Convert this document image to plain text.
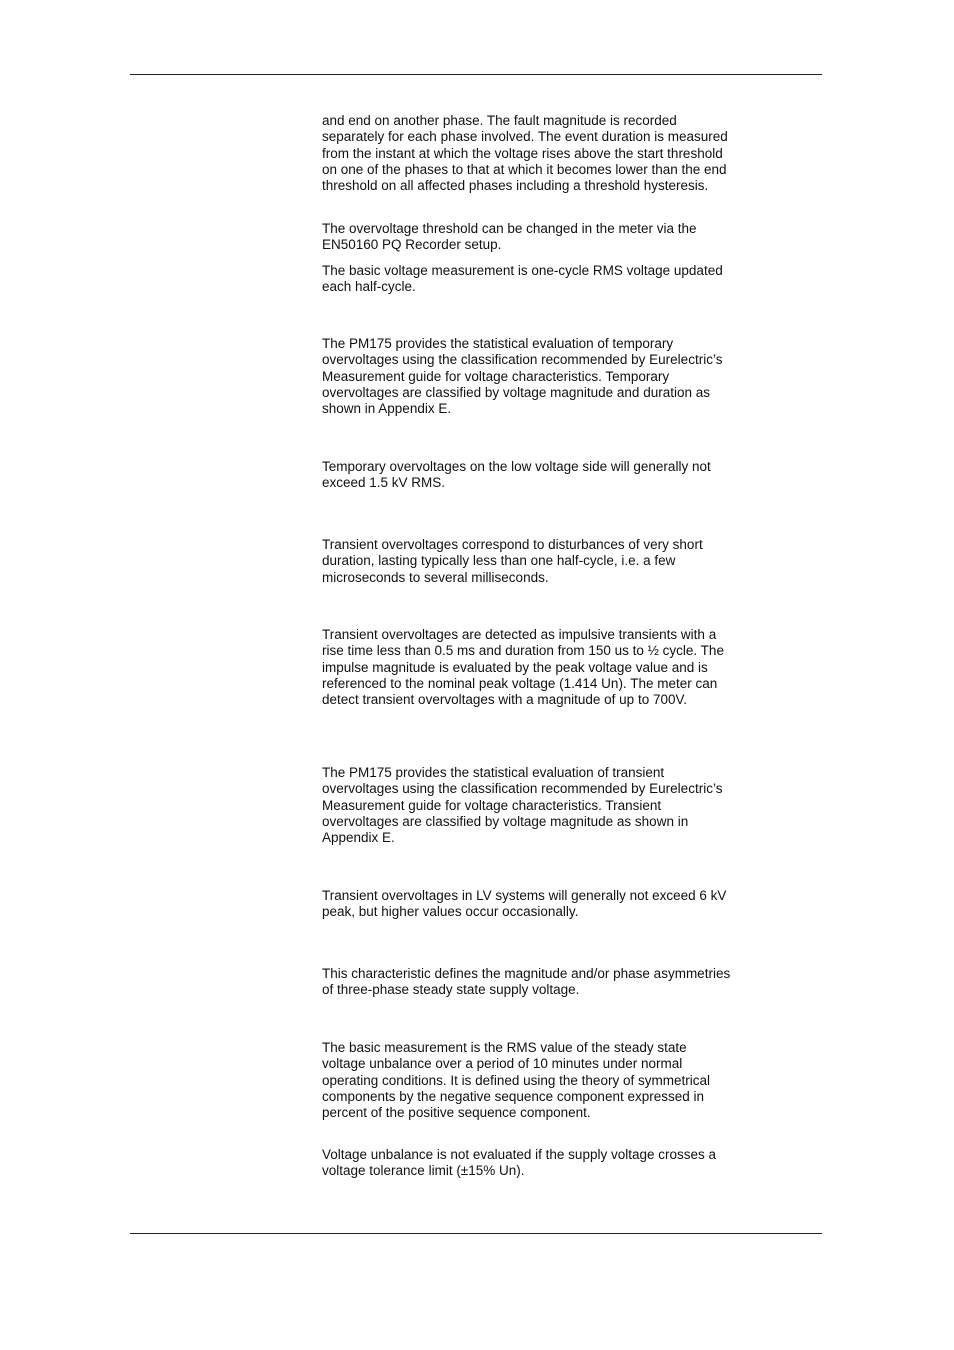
and end on another phase. The fault magnitude is recorded separately for each phase involved. The event duration is measured from the instant at which the voltage rises above the start threshold on one of the phases to that at which it becomes lower than the end threshold on all affected phases including a threshold hysteresis.

The overvoltage threshold can be changed in the meter via the EN50160 PQ Recorder setup.

The basic voltage measurement is one-cycle RMS voltage updated each half-cycle.

The PM175 provides the statistical evaluation of temporary overvoltages using the classification recommended by Eurelectric’s Measurement guide for voltage characteristics. Temporary overvoltages are classified by voltage magnitude and duration as shown in Appendix E.

Temporary overvoltages on the low voltage side will generally not exceed 1.5 kV RMS.

Transient overvoltages correspond to disturbances of very short duration, lasting typically less than one half-cycle, i.e. a few microseconds to several milliseconds.

Transient overvoltages are detected as impulsive transients with a rise time less than 0.5 ms and duration from 150 us to ½ cycle. The impulse magnitude is evaluated by the peak voltage value and is referenced to the nominal peak voltage (1.414 Un). The meter can detect transient overvoltages with a magnitude of up to 700V.

The PM175 provides the statistical evaluation of transient overvoltages using the classification recommended by Eurelectric’s Measurement guide for voltage characteristics. Transient overvoltages are classified by voltage magnitude as shown in Appendix E.

Transient overvoltages in LV systems will generally not exceed 6 kV peak, but higher values occur occasionally.

This characteristic defines the magnitude and/or phase asymmetries of three-phase steady state supply voltage.

The basic measurement is the RMS value of the steady state voltage unbalance over a period of 10 minutes under normal operating conditions. It is defined using the theory of symmetrical components by the negative sequence component expressed in percent of the positive sequence component.

Voltage unbalance is not evaluated if the supply voltage crosses a voltage tolerance limit (±15% Un).
